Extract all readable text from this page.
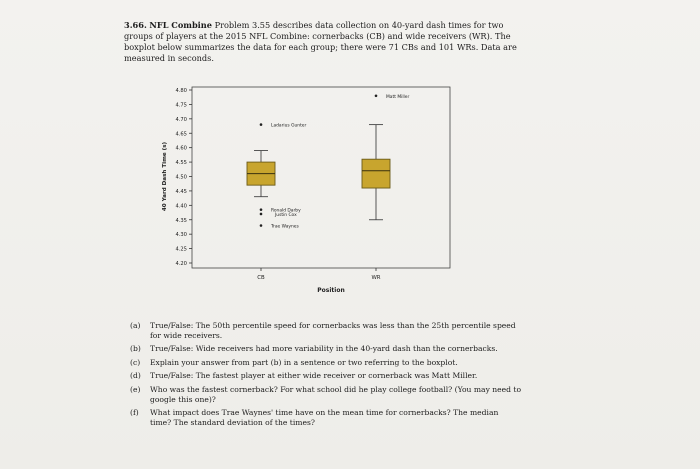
3.66. NFL Combine Problem 3.55 describes data collection on 40-yard dash times for two groups of players at the 2015 NFL Combine: cornerbacks (CB) and wide receivers (WR). The boxplot below summarizes the data for each group; there were 71 CBs and 101 WRs. Data are measured in seconds.
4.20
4.25
4.30
4.35
4.40
4.45
4.50
4.55
4.60
4.65
4.70
4.75
4.80
40 Yard Dash Time (s)
CB	WR
Position
Ladarius Gunter
Ronald Darby
Justin Cox
Trae Waynes
Matt Miller
(a)	True/False: The 50th percentile speed for cornerbacks was less than the 25th percentile speed for wide receivers.
(b)	True/False: Wide receivers had more variability in the 40-yard dash than the cornerbacks.
(c)	Explain your answer from part (b) in a sentence or two referring to the boxplot.
(d)	True/False: The fastest player at either wide receiver or cornerback was Matt Miller.
(e)	Who was the fastest cornerback? For what school did he play college football? (You may need to google this one)?
(f)	What impact does Trae Waynes' time have on the mean time for cornerbacks? The median time? The standard deviation of the times?
